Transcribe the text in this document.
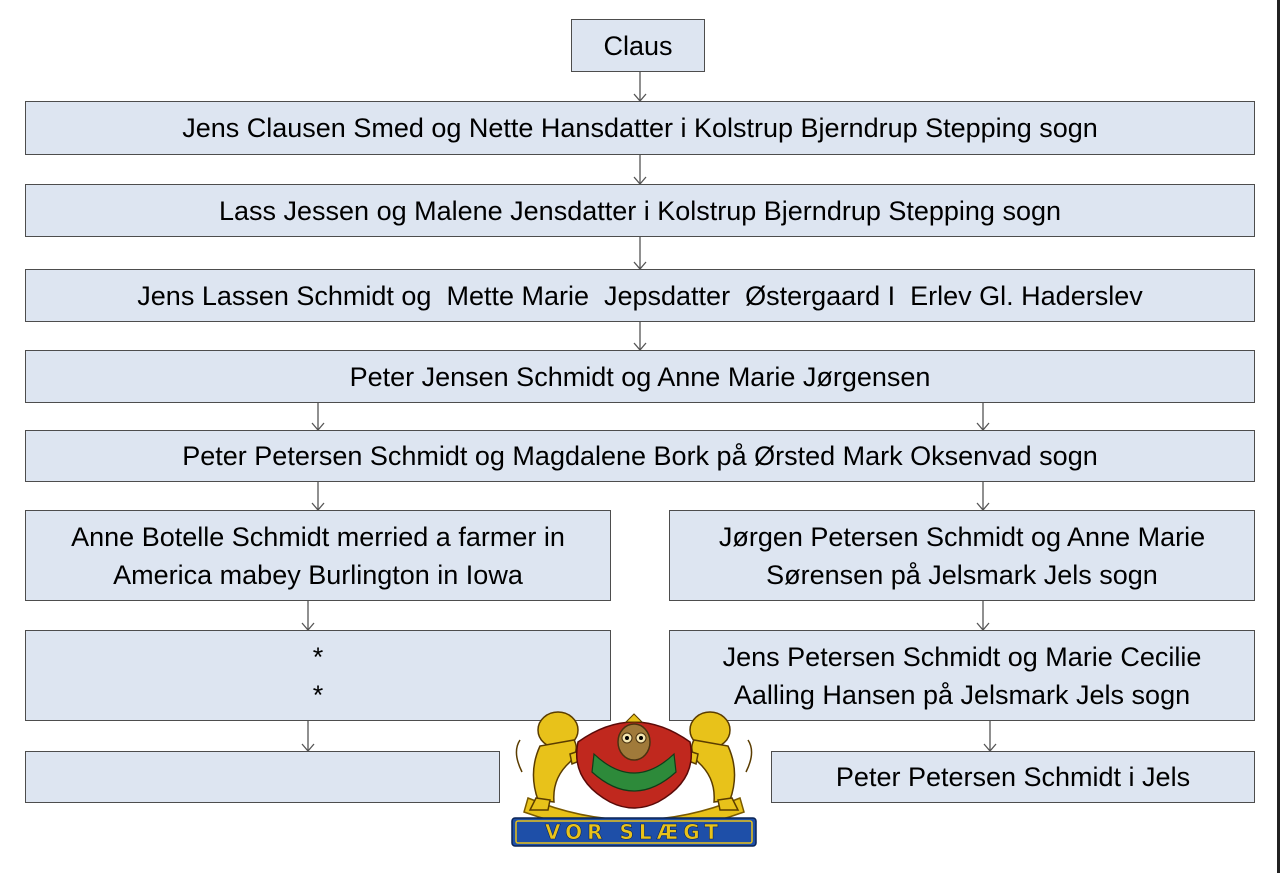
Claus
Jens Clausen Smed og Nette Hansdatter i Kolstrup Bjerndrup Stepping sogn
Lass Jessen og Malene Jensdatter i Kolstrup Bjerndrup Stepping sogn
Jens Lassen Schmidt og  Mette Marie  Jepsdatter  Østergaard I  Erlev Gl. Haderslev
Peter Jensen Schmidt og Anne Marie Jørgensen
Peter Petersen Schmidt og Magdalene Bork på Ørsted Mark Oksenvad sogn
Anne Botelle Schmidt merried a farmer in
America mabey Burlington in Iowa
Jørgen Petersen Schmidt og Anne Marie
Sørensen på Jelsmark Jels sogn
*
*
Jens Petersen Schmidt og Marie Cecilie
Aalling Hansen på Jelsmark Jels sogn
Peter Petersen Schmidt i Jels
VOR SLÆGT
